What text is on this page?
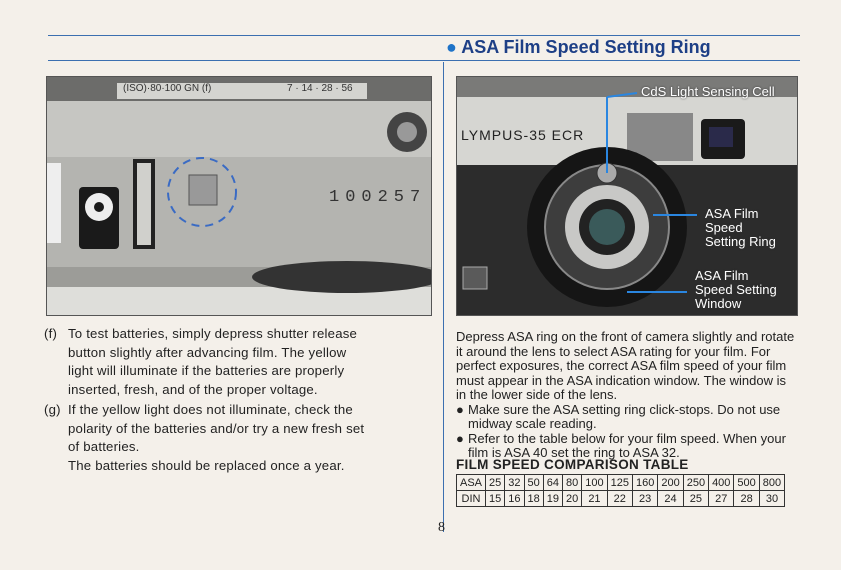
● ASA Film Speed Setting Ring
100257
(ISO)·80·100 GN (f)	7 · 14 · 28 · 56
LYMPUS-35 ECR
CdS Light Sensing Cell
ASA Film
Speed
Setting Ring
ASA Film
Speed Setting
Window
(f) To test batteries, simply depress shutter release
button slightly after advancing film. The yellow
light will illuminate if the batteries are properly
inserted, fresh, and of the proper voltage.
(g) If the yellow light does not illuminate, check the
polarity of the batteries and/or try a new fresh set
of batteries.
The batteries should be replaced once a year.

Depress ASA ring on the front of camera slightly and rotate it around the lens to select ASA rating for your film. For perfect exposures, the correct ASA film speed of your film must appear in the ASA indication window. The window is in the lower side of the lens.

● Make sure the ASA setting ring click-stops. Do not use midway scale reading.
● Refer to the table below for your film speed. When your film is ASA 40 set the ring to ASA 32.
FILM SPEED COMPARISON TABLE
ASA	25	32	50	64	80	100	125	160	200	250	400	500	800
DIN	15	16	18	19	20	21	22	23	24	25	27	28	30
8
